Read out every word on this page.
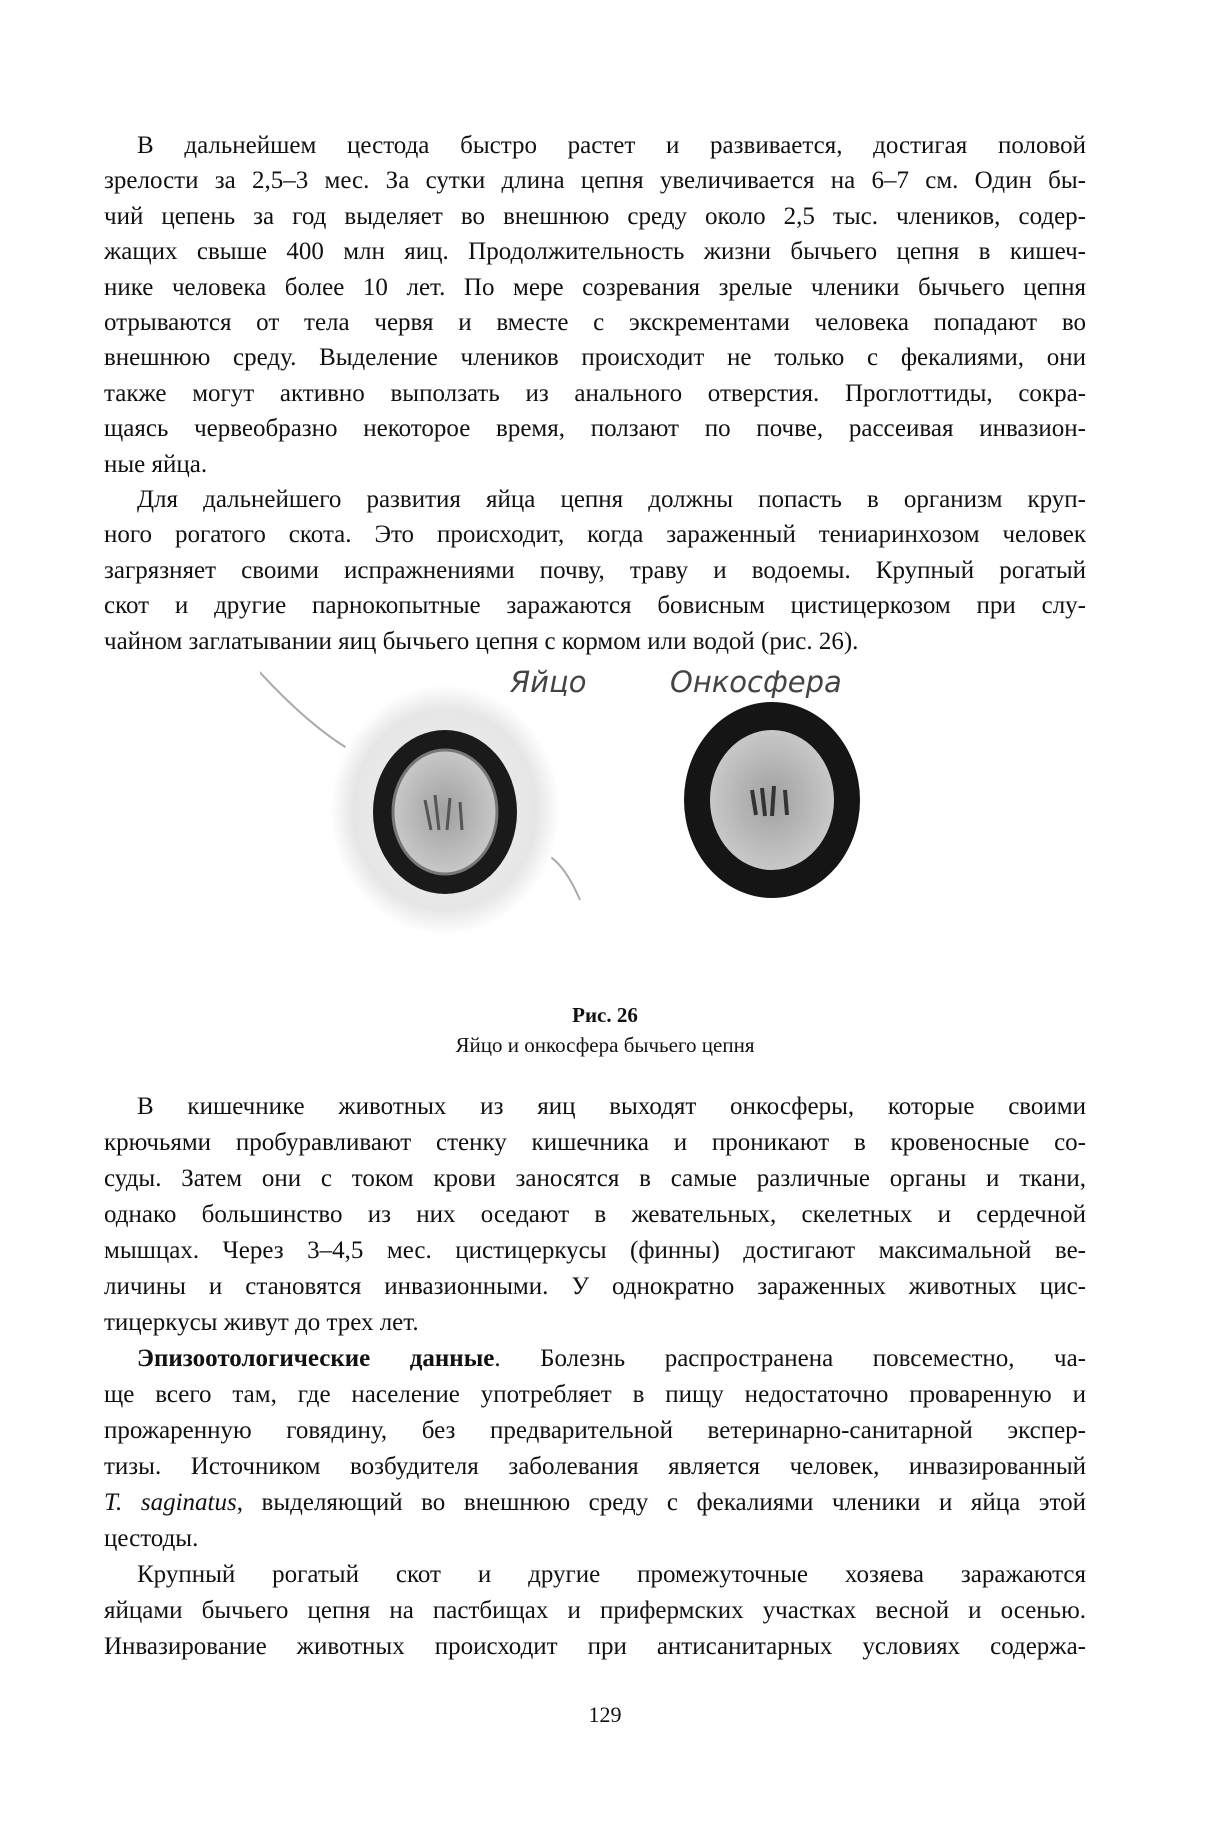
В дальнейшем цестода быстро растет и развивается, достигая половой
зрелости за 2,5–3 мес. За сутки длина цепня увеличивается на 6–7 см. Один бы-
чий цепень за год выделяет во внешнюю среду около 2,5 тыс. члеников, содер-
жащих свыше 400 млн яиц. Продолжительность жизни бычьего цепня в кишеч-
нике человека более 10 лет. По мере созревания зрелые членики бычьего цепня
отрываются от тела червя и вместе с экскрементами человека попадают во
внешнюю среду. Выделение члеников происходит не только с фекалиями, они
также могут активно выползать из анального отверстия. Проглоттиды, сокра-
щаясь червеобразно некоторое время, ползают по почве, рассеивая инвазион-
ные яйца.
Для дальнейшего развития яйца цепня должны попасть в организм круп-
ного рогатого скота. Это происходит, когда зараженный тениаринхозом человек
загрязняет своими испражнениями почву, траву и водоемы. Крупный рогатый
скот и другие парнокопытные заражаются бовисным цистицеркозом при слу-
чайном заглатывании яиц бычьего цепня с кормом или водой (рис. 26).
Яйцо	Онкосфера
Рис. 26
Яйцо и онкосфера бычьего цепня
В кишечнике животных из яиц выходят онкосферы, которые своими
крючьями пробуравливают стенку кишечника и проникают в кровеносные со-
суды. Затем они с током крови заносятся в самые различные органы и ткани,
однако большинство из них оседают в жевательных, скелетных и сердечной
мышцах. Через 3–4,5 мес. цистицеркусы (финны) достигают максимальной ве-
личины и становятся инвазионными. У однократно зараженных животных цис-
тицеркусы живут до трех лет.
Эпизоотологические данные. Болезнь распространена повсеместно, ча-
ще всего там, где население употребляет в пищу недостаточно проваренную и
прожаренную говядину, без предварительной ветеринарно-санитарной экспер-
тизы. Источником возбудителя заболевания является человек, инвазированный
T. saginatus, выделяющий во внешнюю среду с фекалиями членики и яйца этой
цестоды.
Крупный рогатый скот и другие промежуточные хозяева заражаются
яйцами бычьего цепня на пастбищах и прифермских участках весной и осенью.
Инвазирование животных происходит при антисанитарных условиях содержа-
129
